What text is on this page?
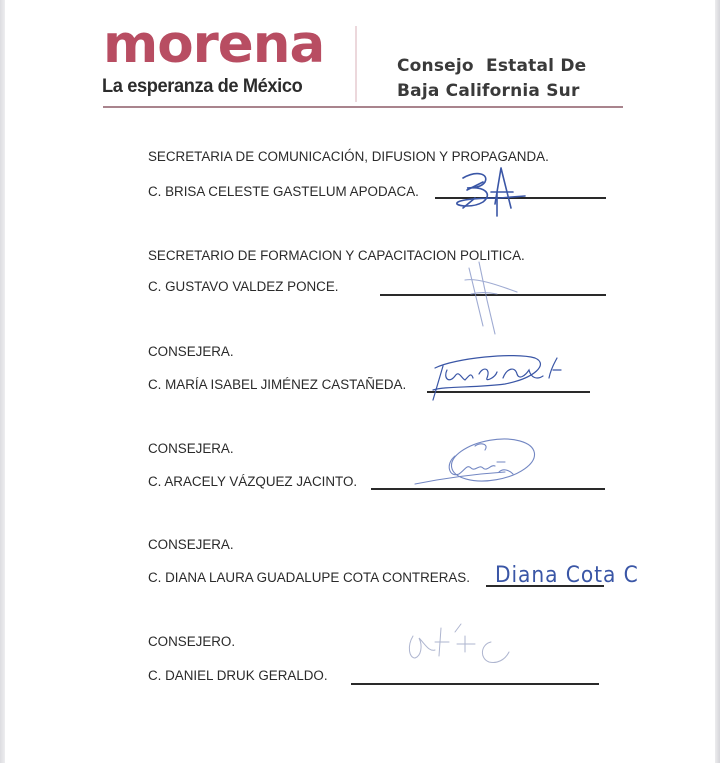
morena
La esperanza de México
Consejo  Estatal De
Baja California Sur
SECRETARIA DE COMUNICACIÓN, DIFUSION Y PROPAGANDA.
C. BRISA CELESTE GASTELUM APODACA.
SECRETARIO DE FORMACION Y CAPACITACION POLITICA.
C. GUSTAVO VALDEZ PONCE.
CONSEJERA.
C. MARÍA ISABEL JIMÉNEZ CASTAÑEDA.
CONSEJERA.
C. ARACELY VÁZQUEZ JACINTO.
CONSEJERA.
C. DIANA LAURA GUADALUPE COTA CONTRERAS. Diana Cota C
CONSEJERO.
C. DANIEL DRUK GERALDO.
